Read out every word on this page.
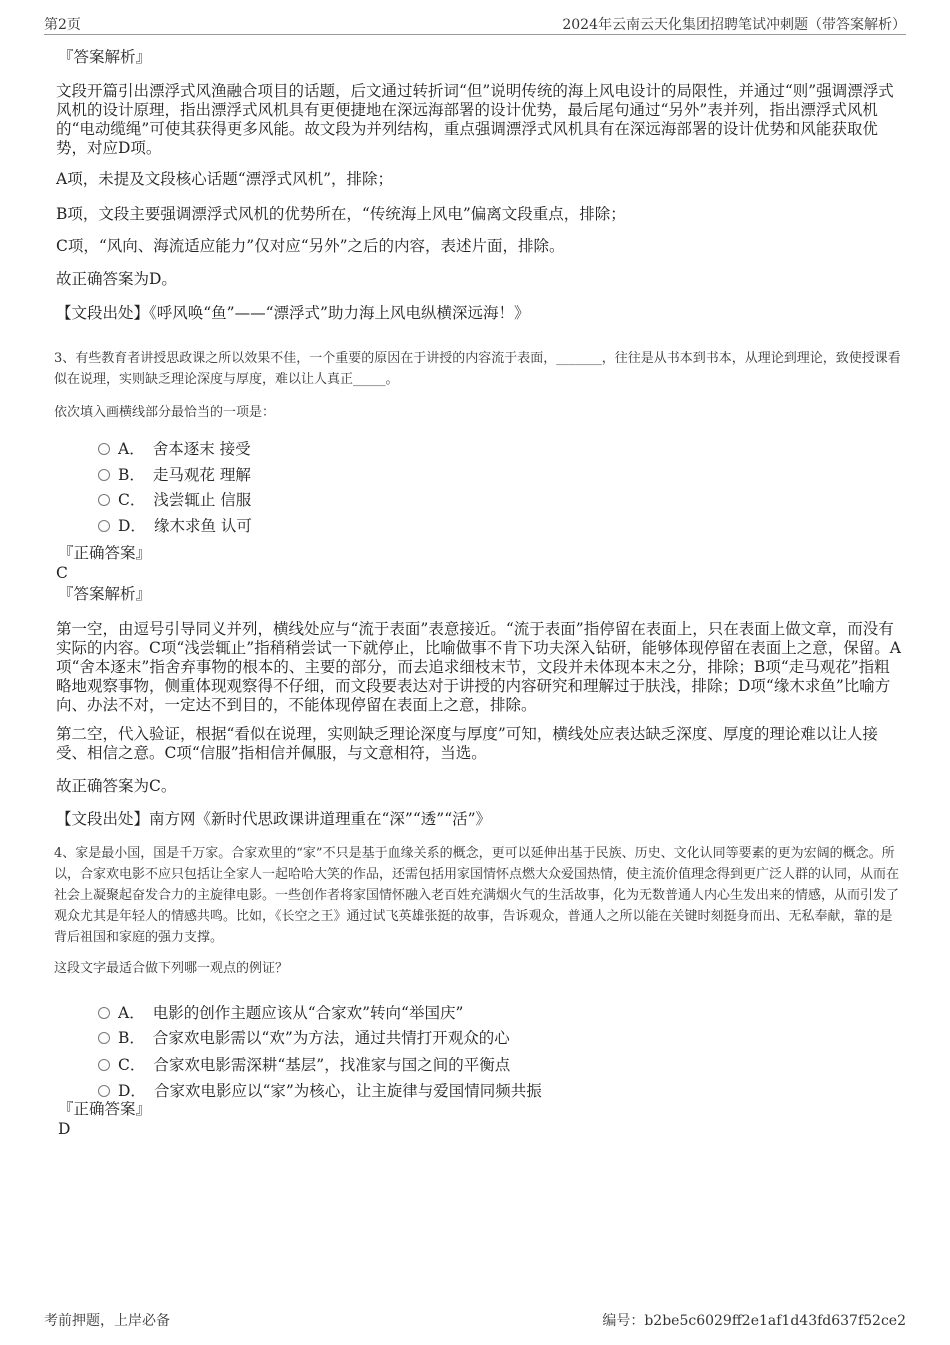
第2页	2024年云南云天化集团招聘笔试冲刺题（带答案解析）
『答案解析』
文段开篇引出漂浮式风渔融合项目的话题，后文通过转折词“但”说明传统的海上风电设计的局限性，并通过“则”强调漂浮式风机的设计原理，指出漂浮式风机具有更便捷地在深远海部署的设计优势，最后尾句通过“另外”表并列，指出漂浮式风机的“电动缆绳”可使其获得更多风能。故文段为并列结构，重点强调漂浮式风机具有在深远海部署的设计优势和风能获取优势，对应D项。
A项，未提及文段核心话题“漂浮式风机”，排除；
B项，文段主要强调漂浮式风机的优势所在，“传统海上风电”偏离文段重点，排除；
C项，“风向、海流适应能力”仅对应“另外”之后的内容，表述片面，排除。
故正确答案为D。
【文段出处】《呼风唤“鱼”——“漂浮式”助力海上风电纵横深远海！》
3、有些教育者讲授思政课之所以效果不佳，一个重要的原因在于讲授的内容流于表面，_______，往往是从书本到书本，从理论到理论，致使授课看似在说理，实则缺乏理论深度与厚度，难以让人真正_____。
依次填入画横线部分最恰当的一项是：
A． 舍本逐末 接受
B． 走马观花 理解
C． 浅尝辄止 信服
D． 缘木求鱼 认可
『正确答案』
C
『答案解析』
第一空，由逗号引导同义并列，横线处应与“流于表面”表意接近。“流于表面”指停留在表面上，只在表面上做文章，而没有实际的内容。C项“浅尝辄止”指稍稍尝试一下就停止，比喻做事不肯下功夫深入钻研，能够体现停留在表面上之意，保留。A项“舍本逐末”指舍弃事物的根本的、主要的部分，而去追求细枝末节，文段并未体现本末之分，排除；B项“走马观花”指粗略地观察事物，侧重体现观察得不仔细，而文段要表达对于讲授的内容研究和理解过于肤浅，排除；D项“缘木求鱼”比喻方向、办法不对，一定达不到目的，不能体现停留在表面上之意，排除。
第二空，代入验证，根据“看似在说理，实则缺乏理论深度与厚度”可知，横线处应表达缺乏深度、厚度的理论难以让人接受、相信之意。C项“信服”指相信并佩服，与文意相符，当选。
故正确答案为C。
【文段出处】南方网《新时代思政课讲道理重在“深”“透”“活”》
4、家是最小国，国是千万家。合家欢里的“家”不只是基于血缘关系的概念，更可以延伸出基于民族、历史、文化认同等要素的更为宏阔的概念。所以，合家欢电影不应只包括让全家人一起哈哈大笑的作品，还需包括用家国情怀点燃大众爱国热情，使主流价值理念得到更广泛人群的认同，从而在社会上凝聚起奋发合力的主旋律电影。一些创作者将家国情怀融入老百姓充满烟火气的生活故事，化为无数普通人内心生发出来的情感，从而引发了观众尤其是年轻人的情感共鸣。比如，《长空之王》通过试飞英雄张挺的故事，告诉观众，普通人之所以能在关键时刻挺身而出、无私奉献，靠的是背后祖国和家庭的强力支撑。
这段文字最适合做下列哪一观点的例证？
A． 电影的创作主题应该从“合家欢”转向“举国庆”
B． 合家欢电影需以“欢”为方法，通过共情打开观众的心
C． 合家欢电影需深耕“基层”，找准家与国之间的平衡点
D． 合家欢电影应以“家”为核心，让主旋律与爱国情同频共振
『正确答案』
D
考前押题，上岸必备	编号：b2be5c6029ff2e1af1d43fd637f52ce2
